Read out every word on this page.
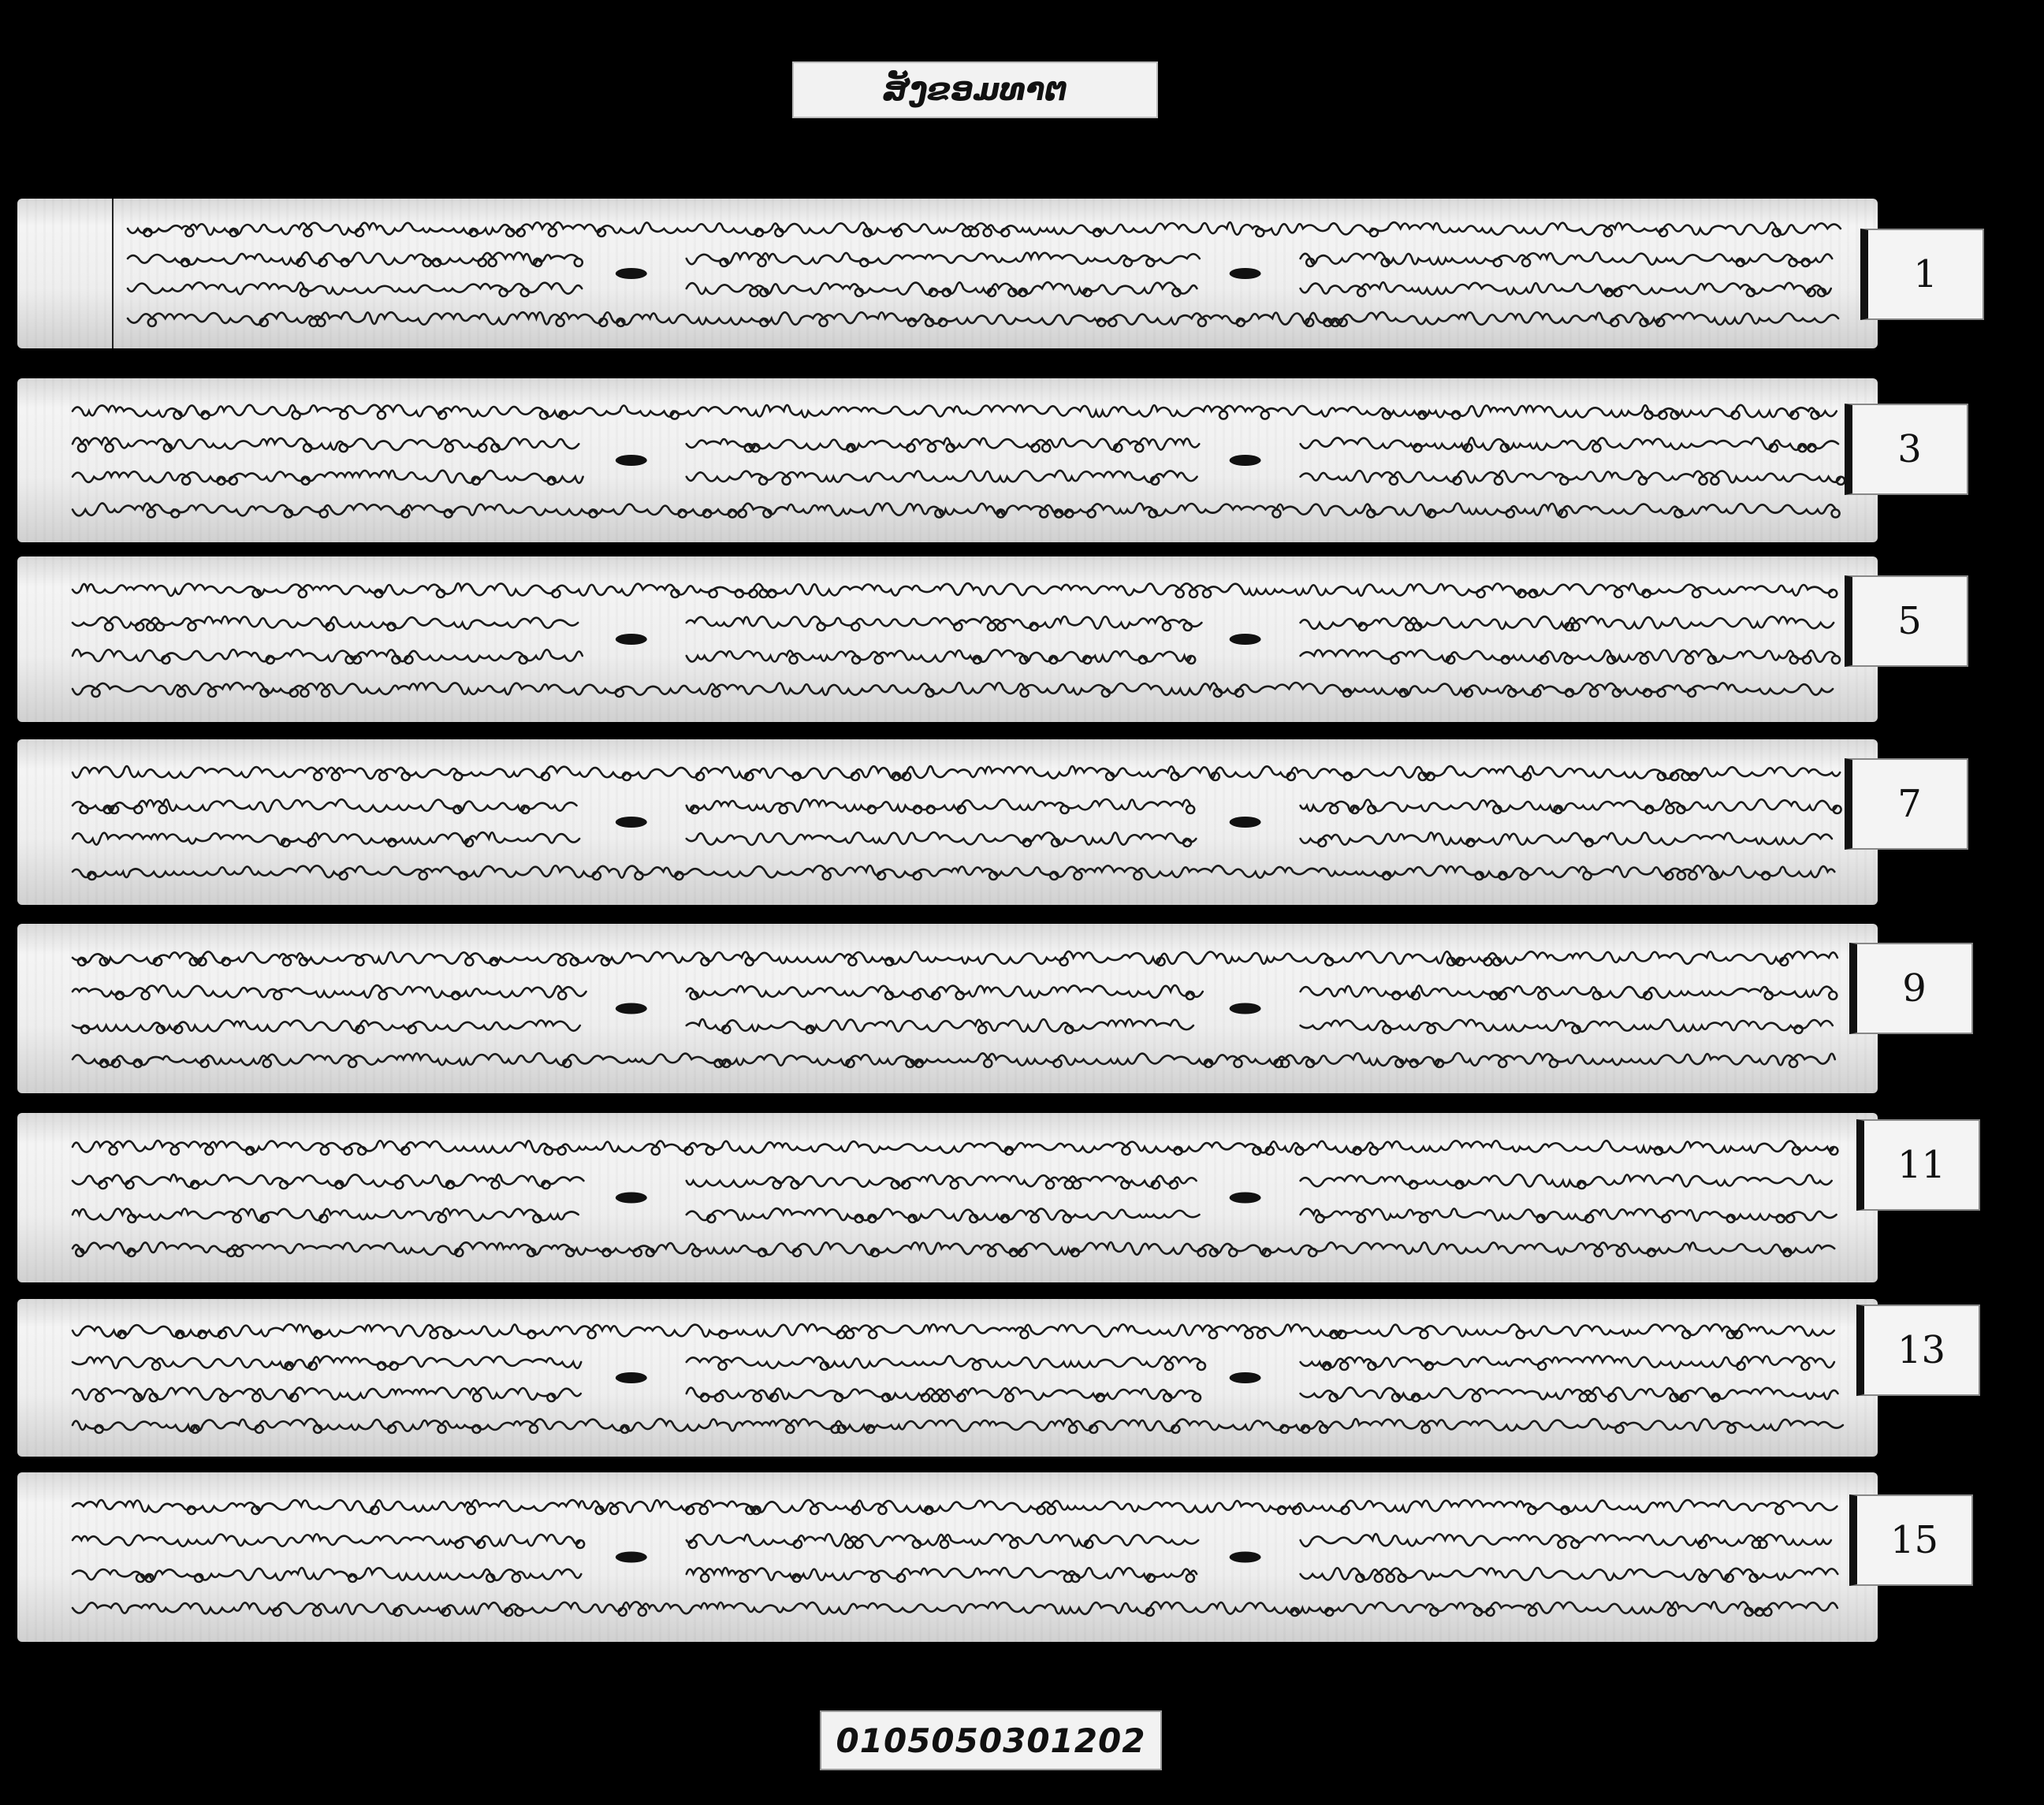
ສັງຂອມທາຕ
1
3
5
7
9
11
13
15
0105050301202
